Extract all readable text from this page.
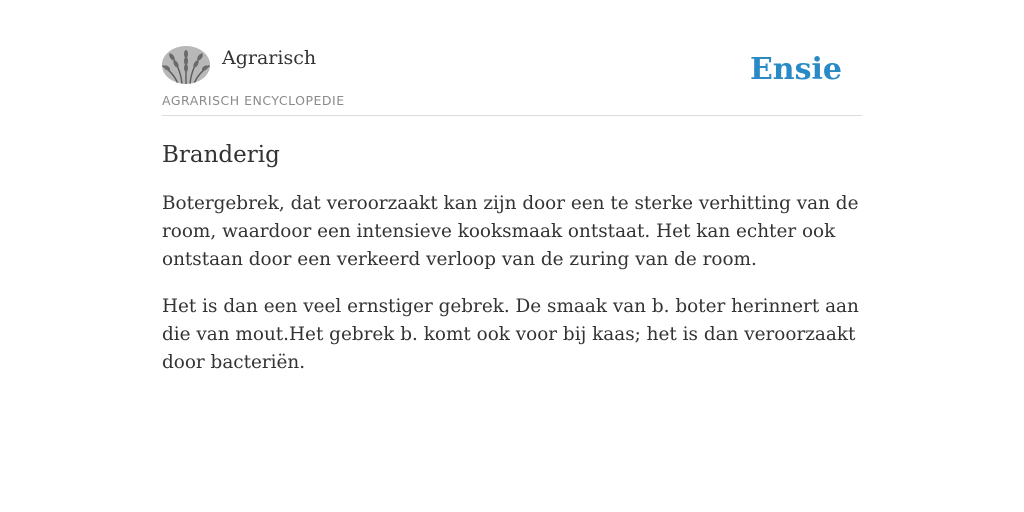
Agrarisch
AGRARISCH ENCYCLOPEDIE
Ensie
Branderig

Botergebrek, dat veroorzaakt kan zijn door een te sterke verhitting van de room, waardoor een intensieve kooksmaak ontstaat. Het kan echter ook ontstaan door een verkeerd verloop van de zuring van de room.

Het is dan een veel ernstiger gebrek. De smaak van b. boter herinnert aan die van mout.Het gebrek b. komt ook voor bij kaas; het is dan veroorzaakt door bacteriën.
